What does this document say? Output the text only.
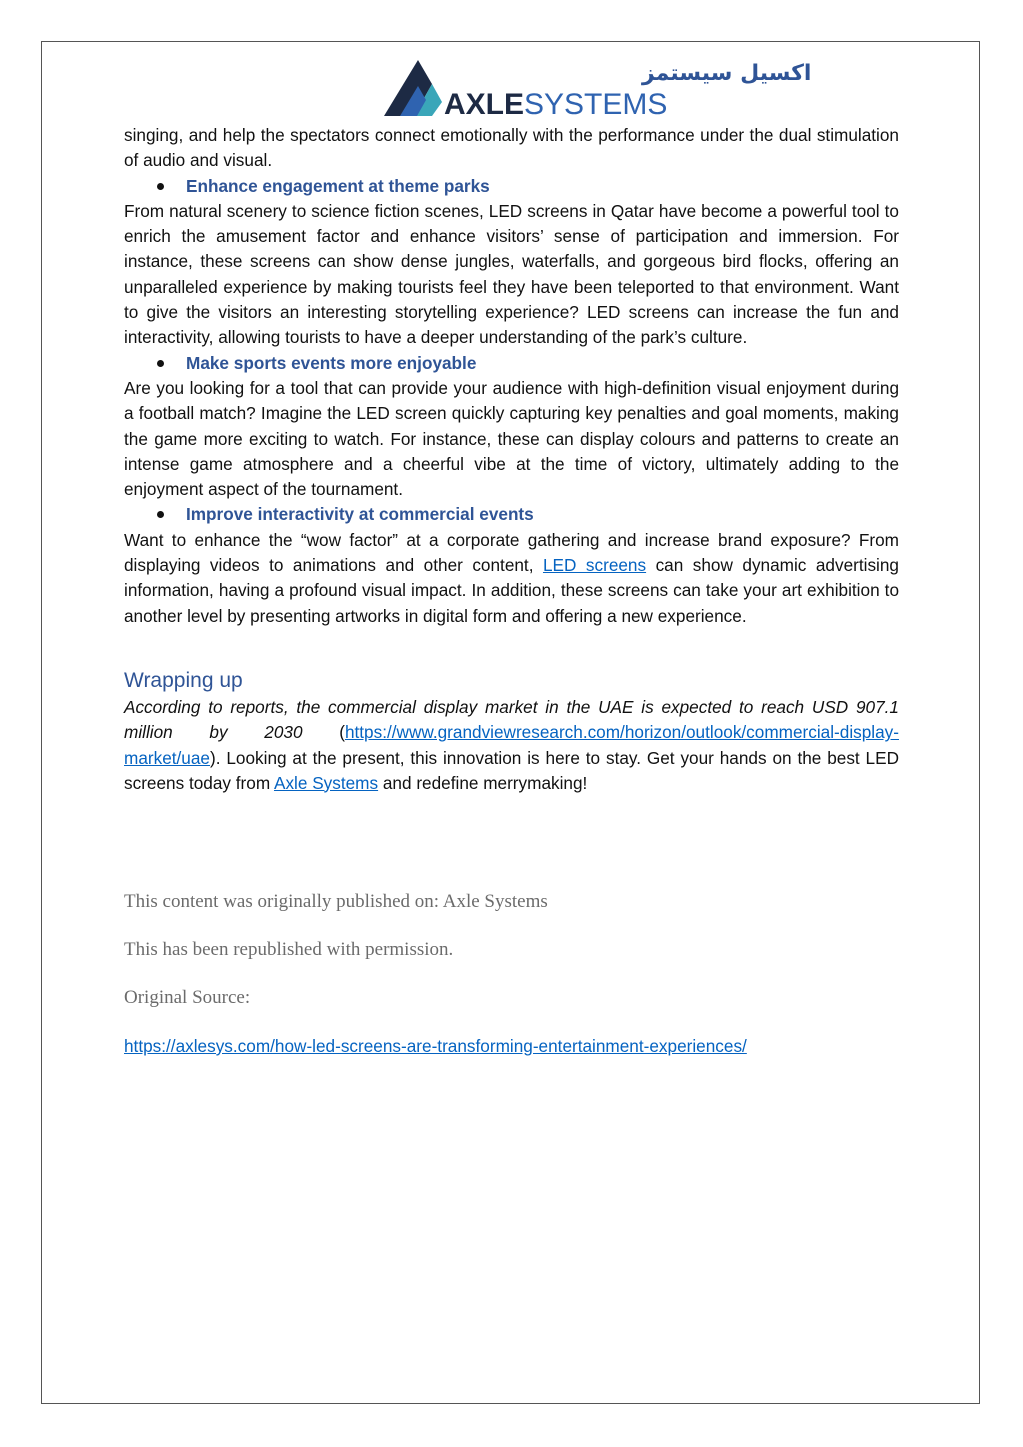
اكسيل سيستمز
AXLESYSTEMS

singing, and help the spectators connect emotionally with the performance under the dual stimulation of audio and visual.

Enhance engagement at theme parks

From natural scenery to science fiction scenes, LED screens in Qatar have become a powerful tool to enrich the amusement factor and enhance visitors’ sense of participation and immersion. For instance, these screens can show dense jungles, waterfalls, and gorgeous bird flocks, offering an unparalleled experience by making tourists feel they have been teleported to that environment. Want to give the visitors an interesting storytelling experience? LED screens can increase the fun and interactivity, allowing tourists to have a deeper understanding of the park’s culture.

Make sports events more enjoyable

Are you looking for a tool that can provide your audience with high-definition visual enjoyment during a football match? Imagine the LED screen quickly capturing key penalties and goal moments, making the game more exciting to watch. For instance, these can display colours and patterns to create an intense game atmosphere and a cheerful vibe at the time of victory, ultimately adding to the enjoyment aspect of the tournament.

Improve interactivity at commercial events

Want to enhance the “wow factor” at a corporate gathering and increase brand exposure? From displaying videos to animations and other content, LED screens can show dynamic advertising information, having a profound visual impact. In addition, these screens can take your art exhibition to another level by presenting artworks in digital form and offering a new experience.

Wrapping up

According to reports, the commercial display market in the UAE is expected to reach USD 907.1 million by 2030 (https://www.grandviewresearch.com/horizon/outlook/commercial-display-market/uae). Looking at the present, this innovation is here to stay. Get your hands on the best LED screens today from Axle Systems and redefine merrymaking!

This content was originally published on: Axle Systems

This has been republished with permission.

Original Source:

https://axlesys.com/how-led-screens-are-transforming-entertainment-experiences/
